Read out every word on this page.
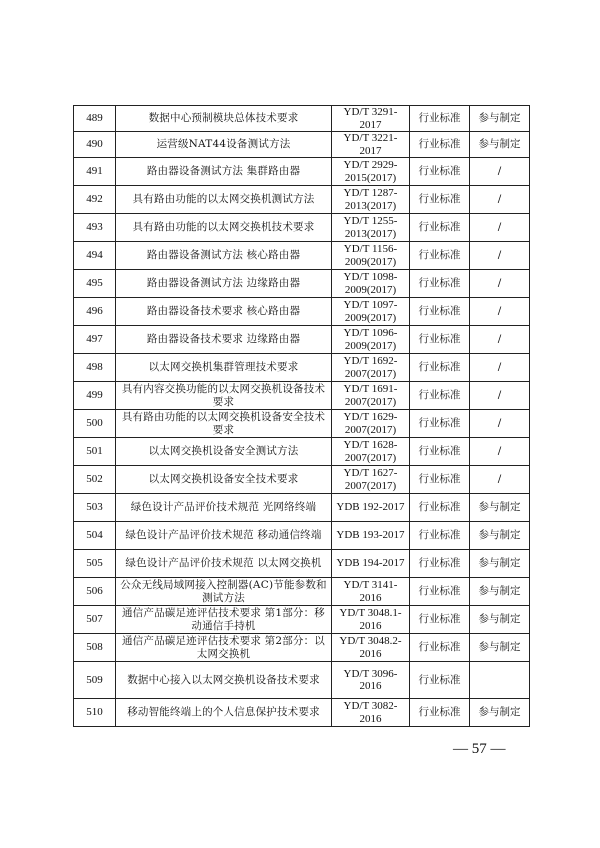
489	数据中心预制模块总体技术要求	YD/T 3291-2017	行业标准	参与制定
490	运营级NAT44设备测试方法	YD/T 3221-2017	行业标准	参与制定
491	路由器设备测试方法 集群路由器	YD/T 2929-2015(2017)	行业标准	/
492	具有路由功能的以太网交换机测试方法	YD/T 1287-2013(2017)	行业标准	/
493	具有路由功能的以太网交换机技术要求	YD/T 1255-2013(2017)	行业标准	/
494	路由器设备测试方法 核心路由器	YD/T 1156-2009(2017)	行业标准	/
495	路由器设备测试方法 边缘路由器	YD/T 1098-2009(2017)	行业标准	/
496	路由器设备技术要求 核心路由器	YD/T 1097-2009(2017)	行业标准	/
497	路由器设备技术要求 边缘路由器	YD/T 1096-2009(2017)	行业标准	/
498	以太网交换机集群管理技术要求	YD/T 1692-2007(2017)	行业标准	/
499	具有内容交换功能的以太网交换机设备技术要求	YD/T 1691-2007(2017)	行业标准	/
500	具有路由功能的以太网交换机设备安全技术要求	YD/T 1629-2007(2017)	行业标准	/
501	以太网交换机设备安全测试方法	YD/T 1628-2007(2017)	行业标准	/
502	以太网交换机设备安全技术要求	YD/T 1627-2007(2017)	行业标准	/
503	绿色设计产品评价技术规范 光网络终端	YDB 192-2017	行业标准	参与制定
504	绿色设计产品评价技术规范 移动通信终端	YDB 193-2017	行业标准	参与制定
505	绿色设计产品评价技术规范 以太网交换机	YDB 194-2017	行业标准	参与制定
506	公众无线局域网接入控制器(AC)节能参数和测试方法	YD/T 3141-2016	行业标准	参与制定
507	通信产品碳足迹评估技术要求 第1部分：移动通信手持机	YD/T 3048.1-2016	行业标准	参与制定
508	通信产品碳足迹评估技术要求 第2部分：以太网交换机	YD/T 3048.2-2016	行业标准	参与制定
509	数据中心接入以太网交换机设备技术要求	YD/T 3096-2016	行业标准	
510	移动智能终端上的个人信息保护技术要求	YD/T 3082-2016	行业标准	参与制定
— 57 —
